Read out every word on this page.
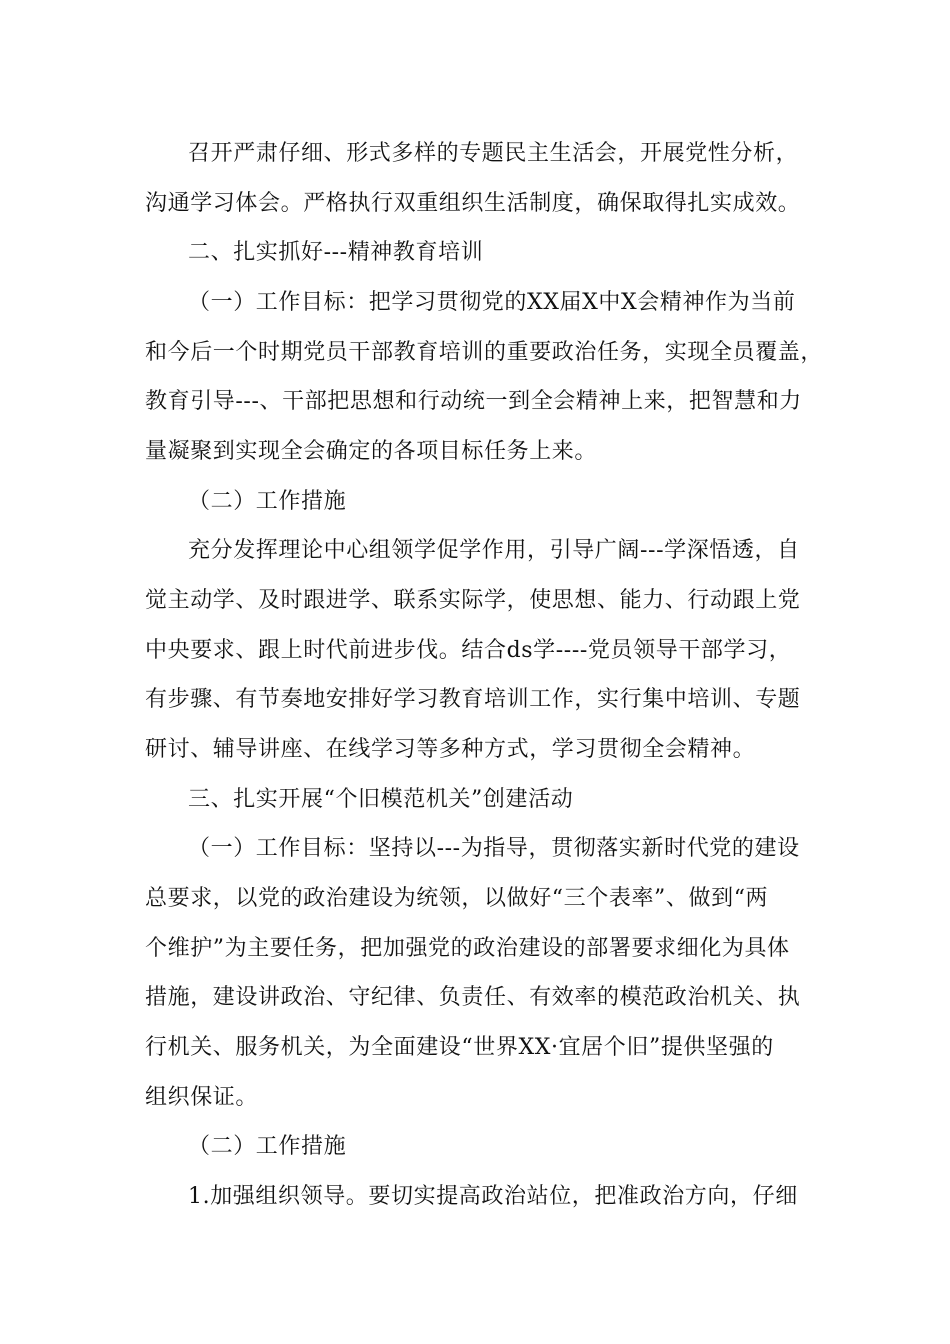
召开严肃仔细、形式多样的专题民主生活会，开展党性分析，
沟通学习体会。严格执行双重组织生活制度，确保取得扎实成效。
二、扎实抓好---精神教育培训
（一）工作目标：把学习贯彻党的XX届X中X会精神作为当前
和今后一个时期党员干部教育培训的重要政治任务，实现全员覆盖，
教育引导---、干部把思想和行动统一到全会精神上来，把智慧和力
量凝聚到实现全会确定的各项目标任务上来。
（二）工作措施
充分发挥理论中心组领学促学作用，引导广阔---学深悟透，自
觉主动学、及时跟进学、联系实际学，使思想、能力、行动跟上党
中央要求、跟上时代前进步伐。结合ds学----党员领导干部学习，
有步骤、有节奏地安排好学习教育培训工作，实行集中培训、专题
研讨、辅导讲座、在线学习等多种方式，学习贯彻全会精神。
三、扎实开展“个旧模范机关”创建活动
（一）工作目标：坚持以---为指导，贯彻落实新时代党的建设
总要求，以党的政治建设为统领，以做好“三个表率”、做到“两
个维护”为主要任务，把加强党的政治建设的部署要求细化为具体
措施，建设讲政治、守纪律、负责任、有效率的模范政治机关、执
行机关、服务机关，为全面建设“世界XX·宜居个旧”提供坚强的
组织保证。
（二）工作措施
1.加强组织领导。要切实提高政治站位，把准政治方向，仔细
